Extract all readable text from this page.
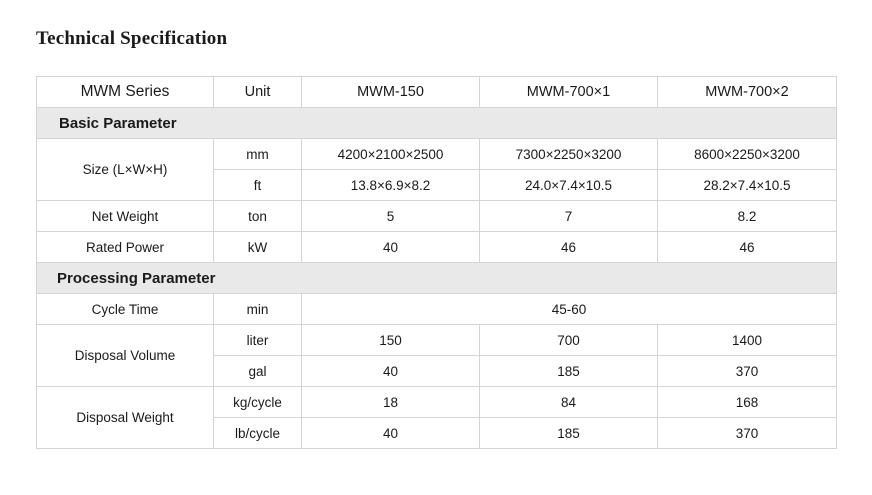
Technical Specification
MWM Series	Unit	MWM-150	MWM-700×1	MWM-700×2
Basic Parameter				
Size (L×W×H)	mm	4200×2100×2500	7300×2250×3200	8600×2250×3200
	ft	13.8×6.9×8.2	24.0×7.4×10.5	28.2×7.4×10.5
Net Weight	ton	5	7	8.2
Rated Power	kW	40	46	46
Processing Parameter				
Cycle Time	min	45-60		
Disposal Volume	liter	150	700	1400
	gal	40	185	370
Disposal Weight	kg/cycle	18	84	168
	lb/cycle	40	185	370
